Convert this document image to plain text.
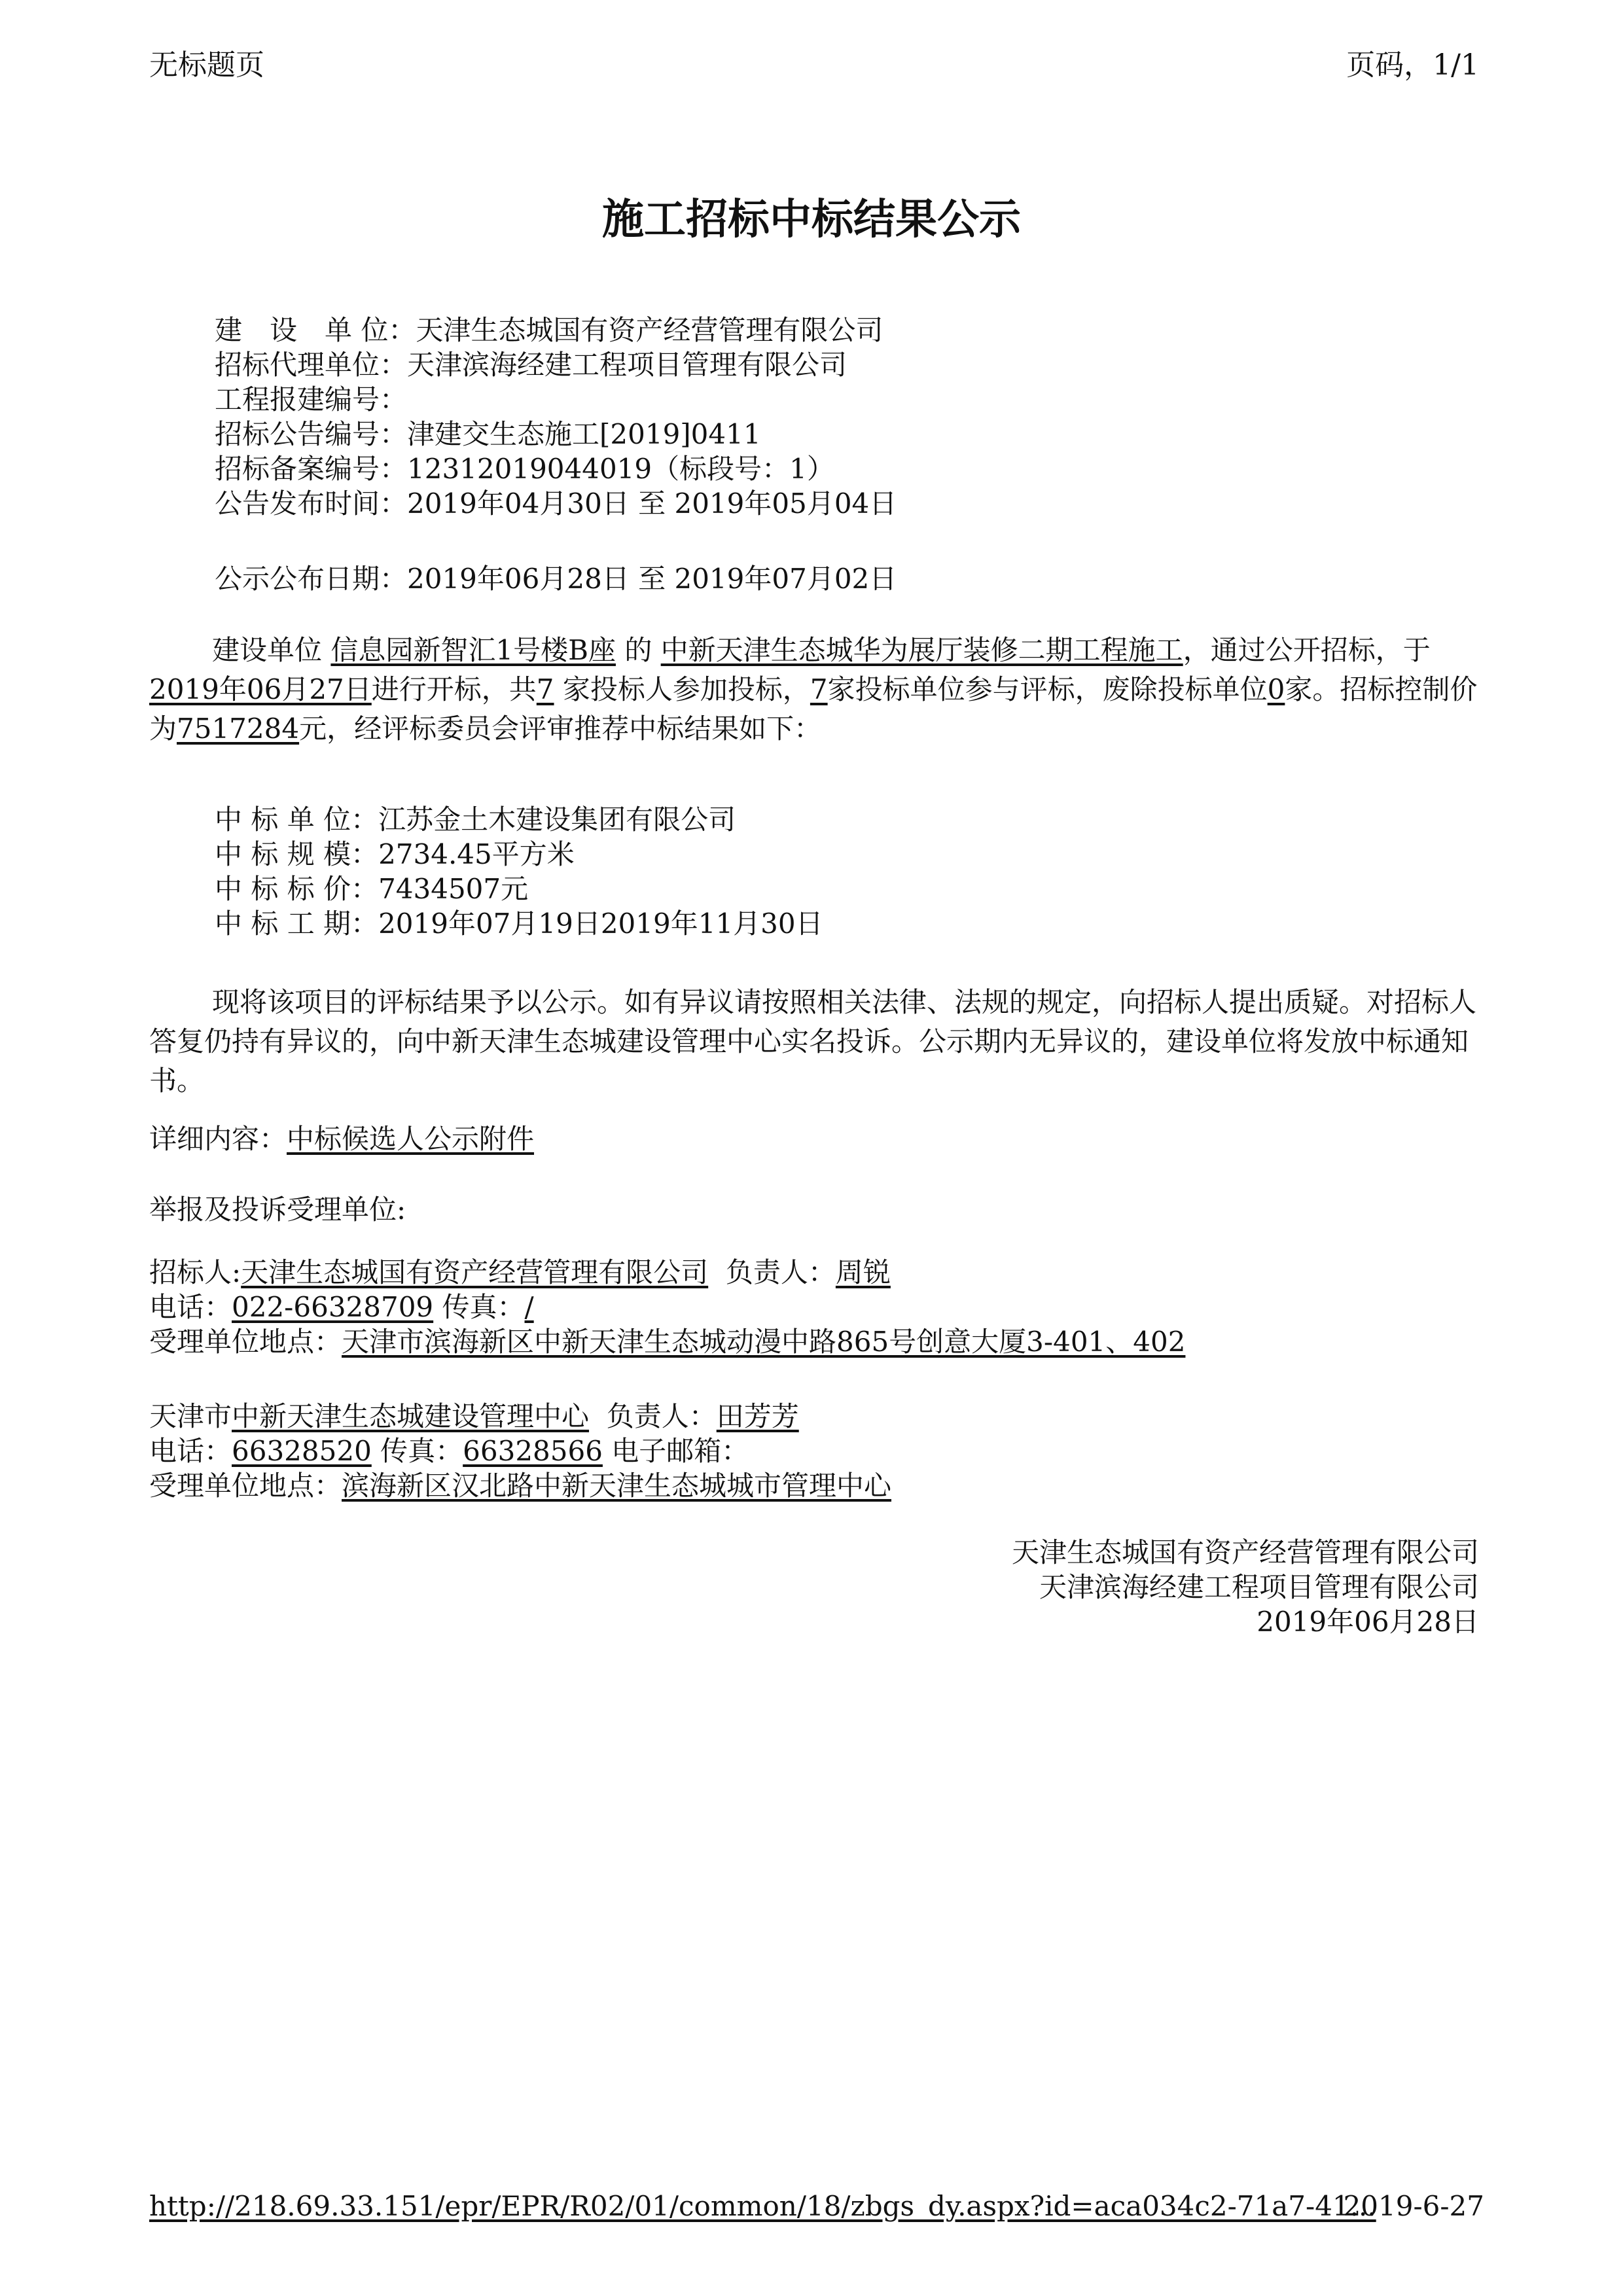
无标题页	页码，1/1
施工招标中标结果公示
建　设　单 位：天津生态城国有资产经营管理有限公司
招标代理单位：天津滨海经建工程项目管理有限公司
工程报建编号：
招标公告编号：津建交生态施工[2019]0411
招标备案编号：12312019044019（标段号：1）
公告发布时间：2019年04月30日 至 2019年05月04日
公示公布日期：2019年06月28日 至 2019年07月02日
建设单位 信息园新智汇1号楼B座 的 中新天津生态城华为展厅装修二期工程施工，通过公开招标，于2019年06月27日进行开标，共7 家投标人参加投标，7家投标单位参与评标，废除投标单位0家。招标控制价为7517284元，经评标委员会评审推荐中标结果如下：
中 标 单 位：江苏金土木建设集团有限公司
中 标 规 模：2734.45平方米
中 标 标 价：7434507元
中 标 工 期：2019年07月19日2019年11月30日
现将该项目的评标结果予以公示。如有异议请按照相关法律、法规的规定，向招标人提出质疑。对招标人答复仍持有异议的，向中新天津生态城建设管理中心实名投诉。公示期内无异议的，建设单位将发放中标通知书。
详细内容：中标候选人公示附件
举报及投诉受理单位:
招标人:天津生态城国有资产经营管理有限公司  负责人：周锐
电话：022-66328709 传真：/
受理单位地点：天津市滨海新区中新天津生态城动漫中路865号创意大厦3-401、402
天津市中新天津生态城建设管理中心  负责人：田芳芳
电话：66328520 传真：66328566 电子邮箱：
受理单位地点：滨海新区汉北路中新天津生态城城市管理中心
天津生态城国有资产经营管理有限公司
天津滨海经建工程项目管理有限公司
2019年06月28日
http://218.69.33.151/epr/EPR/R02/01/common/18/zbgs_dy.aspx?id=aca034c2-71a7-41...
2019-6-27
